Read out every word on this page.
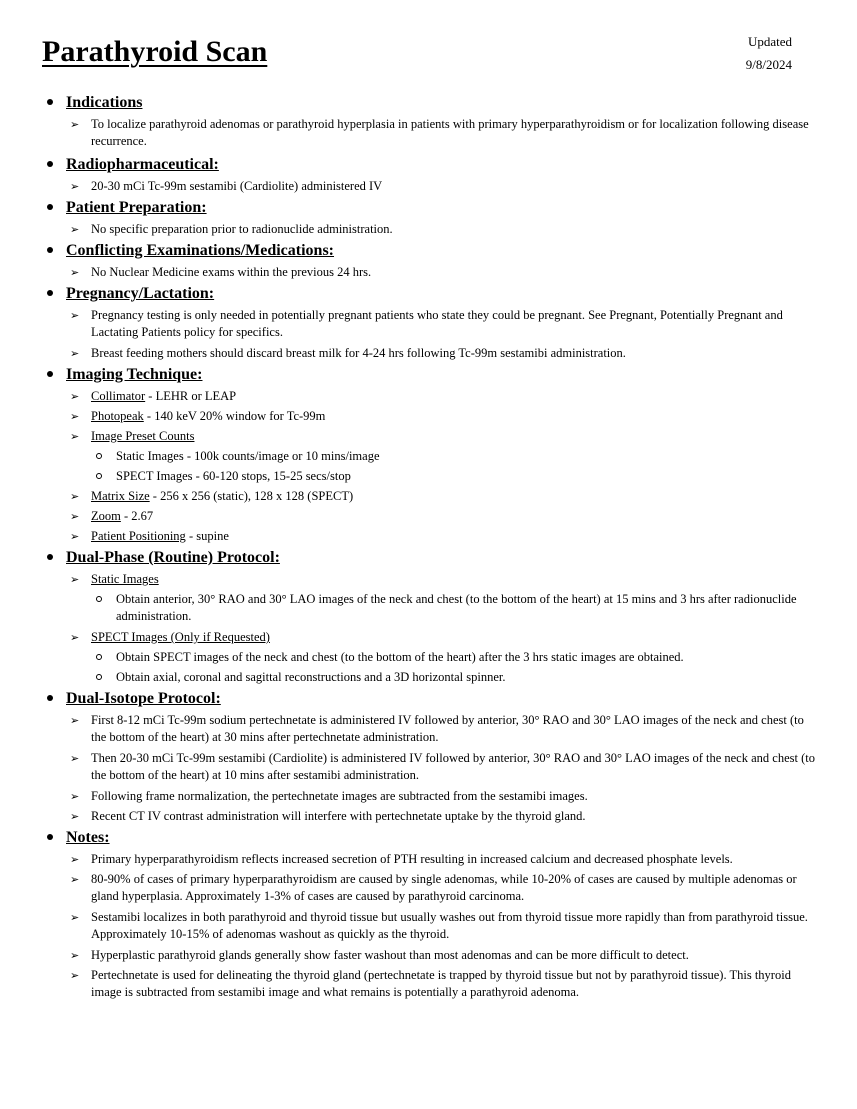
Parathyroid Scan	Updated
9/8/2024
Indications
➢ To localize parathyroid adenomas or parathyroid hyperplasia in patients with primary hyperparathyroidism or for localization following disease recurrence.
Radiopharmaceutical:
➢ 20-30 mCi Tc-99m sestamibi (Cardiolite) administered IV
Patient Preparation:
➢ No specific preparation prior to radionuclide administration.
Conflicting Examinations/Medications:
➢ No Nuclear Medicine exams within the previous 24 hrs.
Pregnancy/Lactation:
➢ Pregnancy testing is only needed in potentially pregnant patients who state they could be pregnant. See Pregnant, Potentially Pregnant and Lactating Patients policy for specifics.
➢ Breast feeding mothers should discard breast milk for 4-24 hrs following Tc-99m sestamibi administration.
Imaging Technique:
➢ Collimator - LEHR or LEAP
➢ Photopeak - 140 keV 20% window for Tc-99m
➢ Image Preset Counts
Static Images - 100k counts/image or 10 mins/image
SPECT Images - 60-120 stops, 15-25 secs/stop
➢ Matrix Size - 256 x 256 (static), 128 x 128 (SPECT)
➢ Zoom - 2.67
➢ Patient Positioning - supine
Dual-Phase (Routine) Protocol:
➢ Static Images
Obtain anterior, 30° RAO and 30° LAO images of the neck and chest (to the bottom of the heart) at 15 mins and 3 hrs after radionuclide administration.
➢ SPECT Images (Only if Requested)
Obtain SPECT images of the neck and chest (to the bottom of the heart) after the 3 hrs static images are obtained.
Obtain axial, coronal and sagittal reconstructions and a 3D horizontal spinner.
Dual-Isotope Protocol:
➢ First 8-12 mCi Tc-99m sodium pertechnetate is administered IV followed by anterior, 30° RAO and 30° LAO images of the neck and chest (to the bottom of the heart) at 30 mins after pertechnetate administration.
➢ Then 20-30 mCi Tc-99m sestamibi (Cardiolite) is administered IV followed by anterior, 30° RAO and 30° LAO images of the neck and chest (to the bottom of the heart) at 10 mins after sestamibi administration.
➢ Following frame normalization, the pertechnetate images are subtracted from the sestamibi images.
➢ Recent CT IV contrast administration will interfere with pertechnetate uptake by the thyroid gland.
Notes:
➢ Primary hyperparathyroidism reflects increased secretion of PTH resulting in increased calcium and decreased phosphate levels.
➢ 80-90% of cases of primary hyperparathyroidism are caused by single adenomas, while 10-20% of cases are caused by multiple adenomas or gland hyperplasia. Approximately 1-3% of cases are caused by parathyroid carcinoma.
➢ Sestamibi localizes in both parathyroid and thyroid tissue but usually washes out from thyroid tissue more rapidly than from parathyroid tissue. Approximately 10-15% of adenomas washout as quickly as the thyroid.
➢ Hyperplastic parathyroid glands generally show faster washout than most adenomas and can be more difficult to detect.
➢ Pertechnetate is used for delineating the thyroid gland (pertechnetate is trapped by thyroid tissue but not by parathyroid tissue). This thyroid image is subtracted from sestamibi image and what remains is potentially a parathyroid adenoma.
